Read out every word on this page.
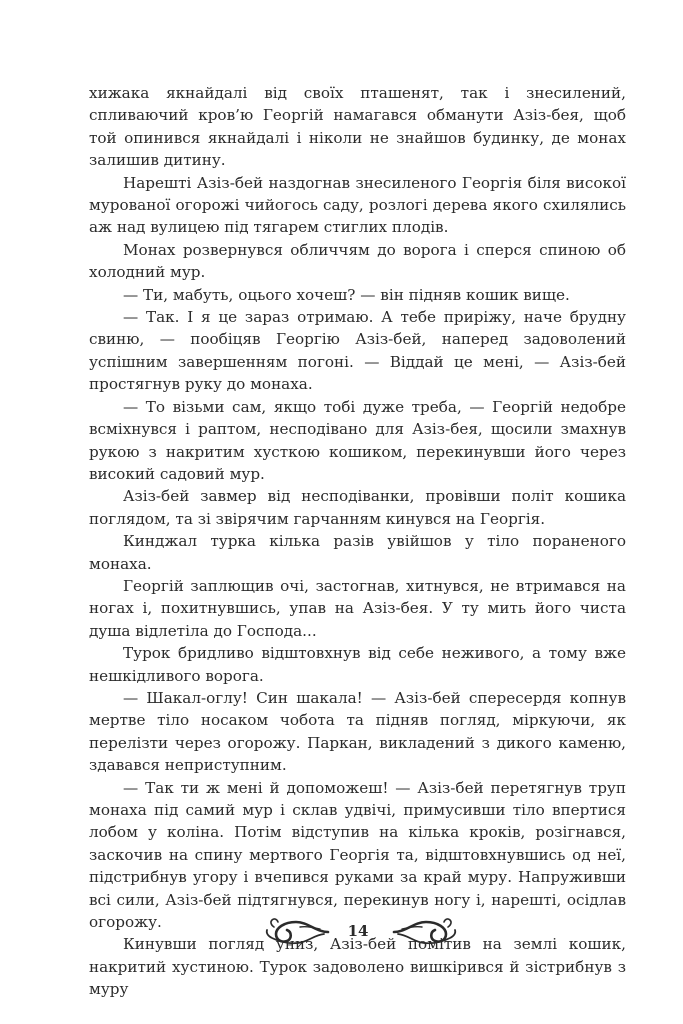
хижака якнайдалі від своїх пташенят, так і знесилений, спливаючий кров’ю Георгій намагався обманути Азіз-бея, щоб той опинився якнайдалі і ніколи не знайшов будинку, де монах залишив дитину.

Нарешті Азіз-бей наздогнав знесиленого Георгія біля високої мурованої огорожі чийогось саду, розлогі дерева якого схилялись аж над вулицею під тягарем стиглих плодів.

Монах розвернувся обличчям до ворога і сперся спиною об холодний мур.

— Ти, мабуть, оцього хочеш? — він підняв кошик вище.

— Так. І я це зараз отримаю. А тебе приріжу, наче брудну свиню, — пообіцяв Георгію Азіз-бей, наперед задоволений успішним завершенням погоні. — Віддай це мені, — Азіз-бей простягнув руку до монаха.

— То візьми сам, якщо тобі дуже треба, — Георгій недобре всміхнувся і раптом, несподівано для Азіз-бея, щосили змахнув рукою з накритим хусткою кошиком, перекинувши його через високий садовий мур.

Азіз-бей завмер від несподіванки, провівши політ кошика поглядом, та зі звірячим гарчанням кинувся на Георгія.

Кинджал турка кілька разів увійшов у тіло пораненого монаха.

Георгій заплющив очі, застогнав, хитнувся, не втримався на ногах і, похитнувшись, упав на Азіз-бея. У ту мить його чиста душа відлетіла до Господа...

Турок бридливо відштовхнув від себе неживого, а тому вже нешкідливого ворога.

— Шакал-оглу! Син шакала! — Азіз-бей спересердя копнув мертве тіло носаком чобота та підняв погляд, міркуючи, як перелізти через огорожу. Паркан, викладений з дикого каменю, здавався неприступним.

— Так ти ж мені й допоможеш! — Азіз-бей перетягнув труп монаха під самий мур і склав удвічі, примусивши тіло впертися лобом у коліна. Потім відступив на кілька кроків, розігнався, заскочив на спину мертвого Георгія та, відштовхнувшись од неї, підстрибнув угору і вчепився руками за край муру. Напруживши всі сили, Азіз-бей підтягнувся, перекинув ногу і, нарешті, осідлав огорожу.

Кинувши погляд униз, Азіз-бей помітив на землі кошик, накритий хустиною. Турок задоволено вишкірився й зістрибнув з муру

14
